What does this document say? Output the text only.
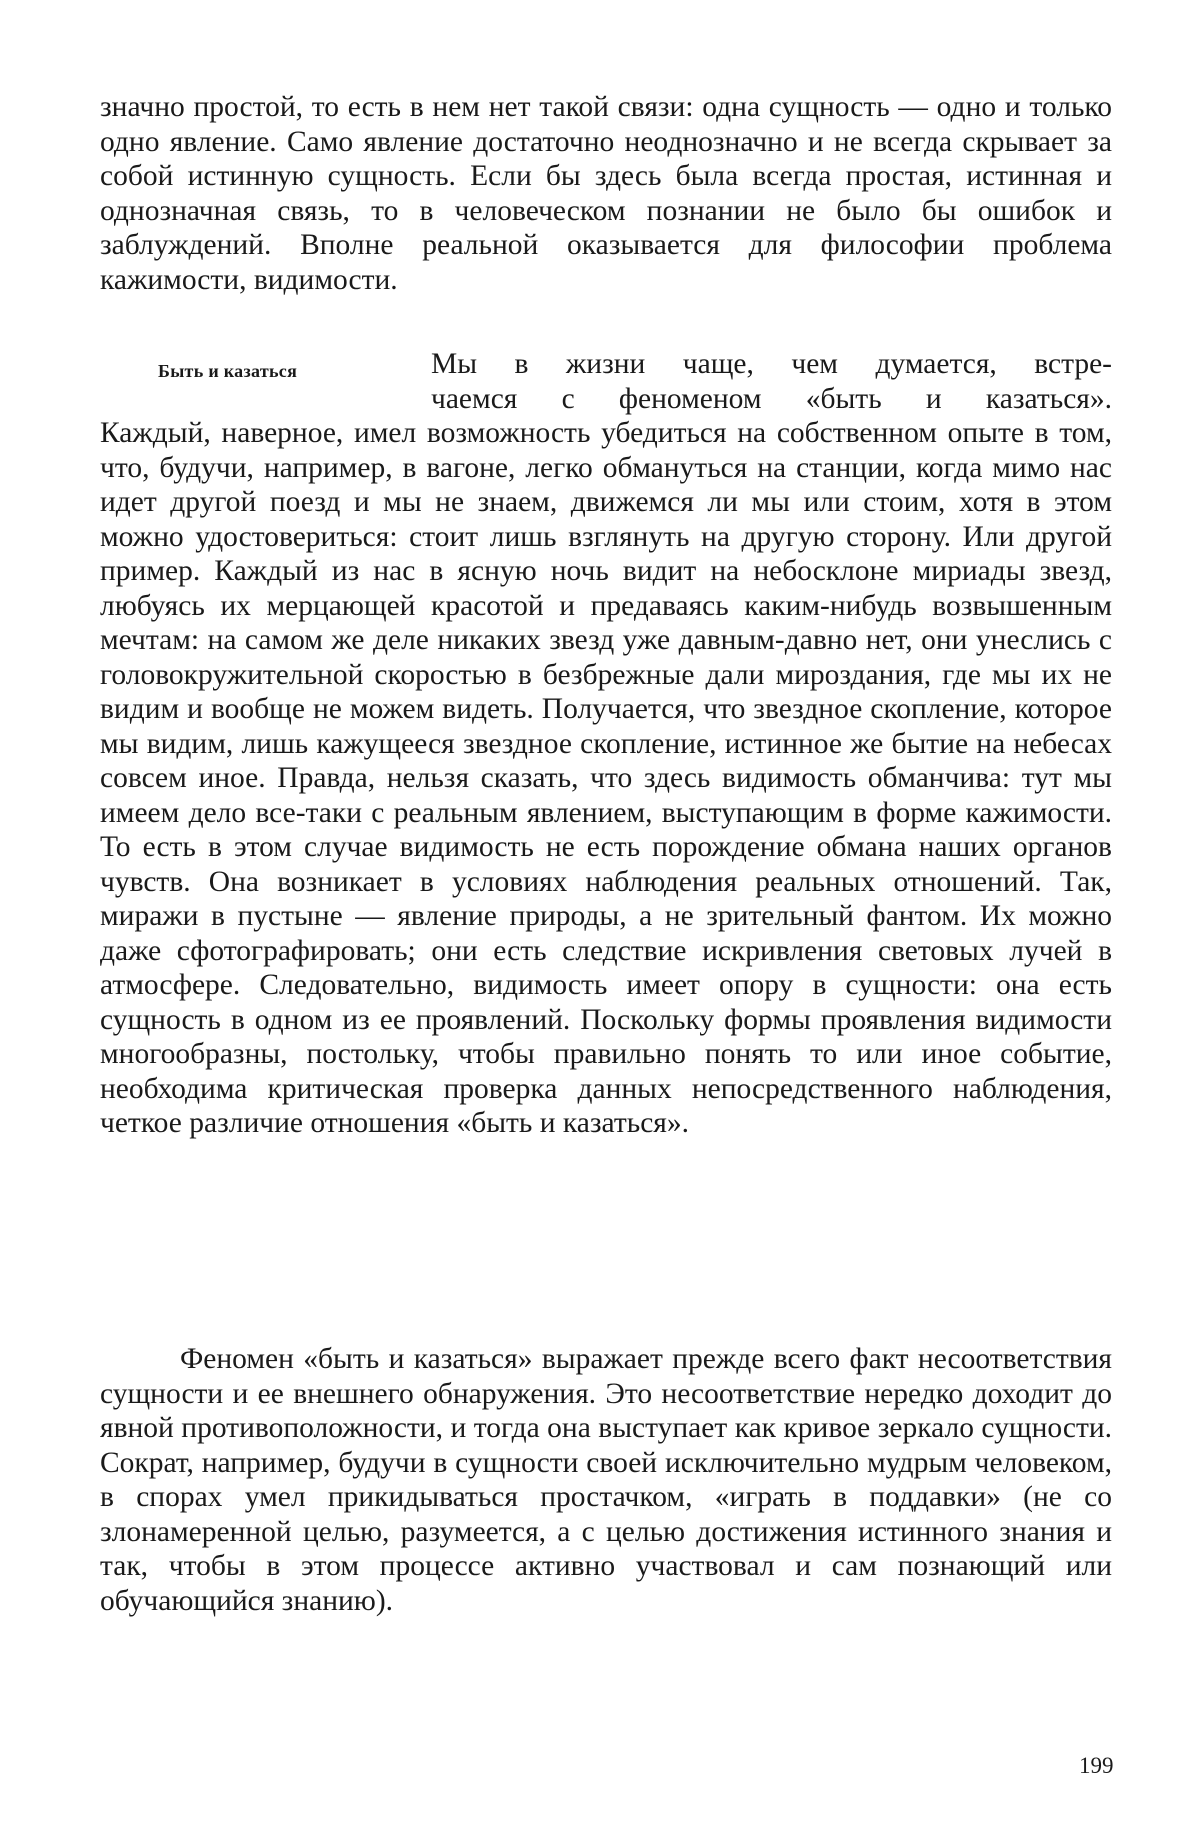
значно простой, то есть в нем нет такой связи: одна сущность — одно и только одно явление. Само явление достаточно неоднозначно и не всегда скрывает за собой истинную сущность. Если бы здесь была всегда простая, истинная и однозначная связь, то в человеческом познании не было бы ошибок и заблуждений. Вполне реальной оказывается для философии проблема кажимости, видимости.

Быть и казаться	Мы в жизни чаще, чем думается, встре-
чаемся с феноменом «быть и казаться».

Каждый, наверное, имел возможность убедиться на собственном опыте в том, что, будучи, например, в вагоне, легко обмануться на станции, когда мимо нас идет другой поезд и мы не знаем, движемся ли мы или стоим, хотя в этом можно удостовериться: стоит лишь взглянуть на другую сторону. Или другой пример. Каждый из нас в ясную ночь видит на небосклоне мириады звезд, любуясь их мерцающей красотой и предаваясь каким-нибудь возвышенным мечтам: на самом же деле никаких звезд уже давным-давно нет, они унеслись с головокружительной скоростью в безбрежные дали мироздания, где мы их не видим и вообще не можем видеть. Получается, что звездное скопление, которое мы видим, лишь кажущееся звездное скопление, истинное же бытие на небесах совсем иное. Правда, нельзя сказать, что здесь видимость обманчива: тут мы имеем дело все-таки с реальным явлением, выступающим в форме кажимости. То есть в этом случае видимость не есть порождение обмана наших органов чувств. Она возникает в условиях наблюдения реальных отношений. Так, миражи в пустыне — явление природы, а не зрительный фантом. Их можно даже сфотографировать; они есть следствие искривления световых лучей в атмосфере. Следовательно, видимость имеет опору в сущности: она есть сущность в одном из ее проявлений. Поскольку формы проявления видимости многообразны, постольку, чтобы правильно понять то или иное событие, необходима критическая проверка данных непосредственного наблюдения, четкое различие отношения «быть и казаться».

Феномен «быть и казаться» выражает прежде всего факт несоответствия сущности и ее внешнего обнаружения. Это несоответствие нередко доходит до явной противоположности, и тогда она выступает как кривое зеркало сущности. Сократ, например, будучи в сущности своей исключительно мудрым человеком, в спорах умел прикидываться простачком, «играть в поддавки» (не со злонамеренной целью, разумеется, а с целью достижения истинного знания и так, чтобы в этом процессе активно участвовал и сам познающий или обучающийся знанию).

199
